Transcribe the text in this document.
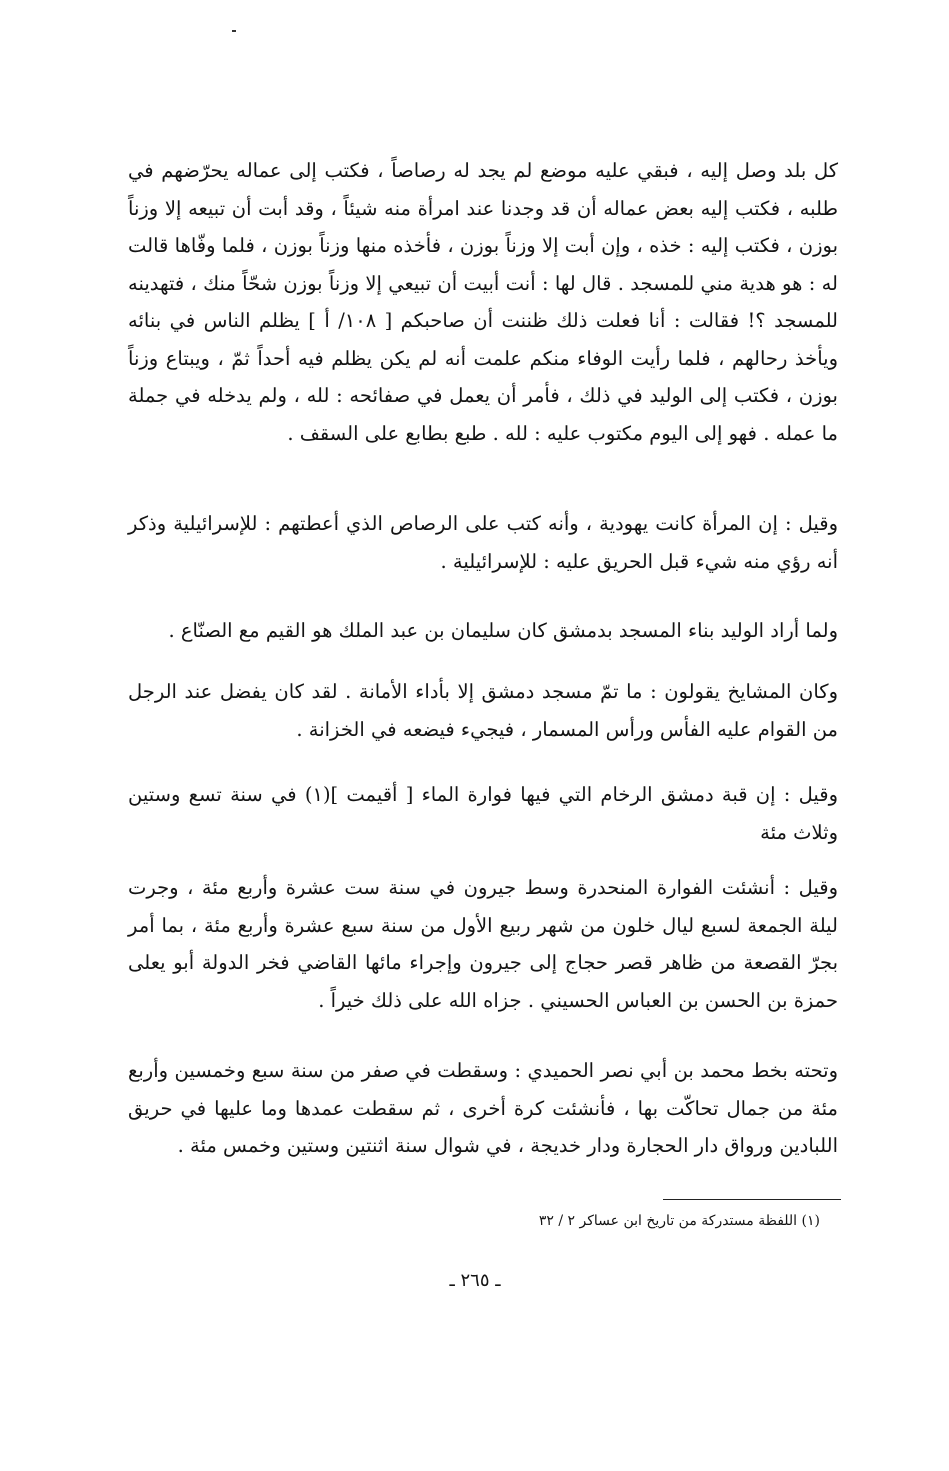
كل بلد وصل إليه ، فبقي عليه موضع لم يجد له رصاصاً ، فكتب إلى عماله يحرّضهم في طلبه ، فكتب إليه بعض عماله أن قد وجدنا عند امرأة منه شيئاً ، وقد أبت أن تبيعه إلا وزناً بوزن ، فكتب إليه : خذه ، وإن أبت إلا وزناً بوزن ، فأخذه منها وزناً بوزن ، فلما وفّاها قالت له : هو هدية مني للمسجد . قال لها : أنت أبيت أن تبيعي إلا وزناً بوزن شحّاً منك ، فتهدينه للمسجد ؟! فقالت : أنا فعلت ذلك ظننت أن صاحبكم [ ١٠٨/ أ ] يظلم الناس في بنائه ويأخذ رحالهم ، فلما رأيت الوفاء منكم علمت أنه لم يكن يظلم فيه أحداً ثمّ ، ويبتاع وزناً بوزن ، فكتب إلى الوليد في ذلك ، فأمر أن يعمل في صفائحه : لله ، ولم يدخله في جملة ما عمله . فهو إلى اليوم مكتوب عليه : لله . طبع بطابع على السقف .

وقيل : إن المرأة كانت يهودية ، وأنه كتب على الرصاص الذي أعطتهم : للإسرائيلية وذكر أنه رؤي منه شيء قبل الحريق عليه : للإسرائيلية .

ولما أراد الوليد بناء المسجد بدمشق كان سليمان بن عبد الملك هو القيم مع الصنّاع .

وكان المشايخ يقولون : ما تمّ مسجد دمشق إلا بأداء الأمانة . لقد كان يفضل عند الرجل من القوام عليه الفأس ورأس المسمار ، فيجيء فيضعه في الخزانة .

وقيل : إن قبة دمشق الرخام التي فيها فوارة الماء [ أقيمت ](١) في سنة تسع وستين وثلاث مئة

وقيل : أنشئت الفوارة المنحدرة وسط جيرون في سنة ست عشرة وأربع مئة ، وجرت ليلة الجمعة لسبع ليال خلون من شهر ربيع الأول من سنة سبع عشرة وأربع مئة ، بما أمر بجرّ القصعة من ظاهر قصر حجاج إلى جيرون وإجراء مائها القاضي فخر الدولة أبو يعلى حمزة بن الحسن بن العباس الحسيني . جزاه الله على ذلك خيراً .

وتحته بخط محمد بن أبي نصر الحميدي : وسقطت في صفر من سنة سبع وخمسين وأربع مئة من جمال تحاكّت بها ، فأنشئت كرة أخرى ، ثم سقطت عمدها وما عليها في حريق اللبادين ورواق دار الحجارة ودار خديجة ، في شوال سنة اثنتين وستين وخمس مئة .

(١) اللفظة مستدركة من تاريخ ابن عساكر ٢ / ٣٢

ـ ٢٦٥ ـ
